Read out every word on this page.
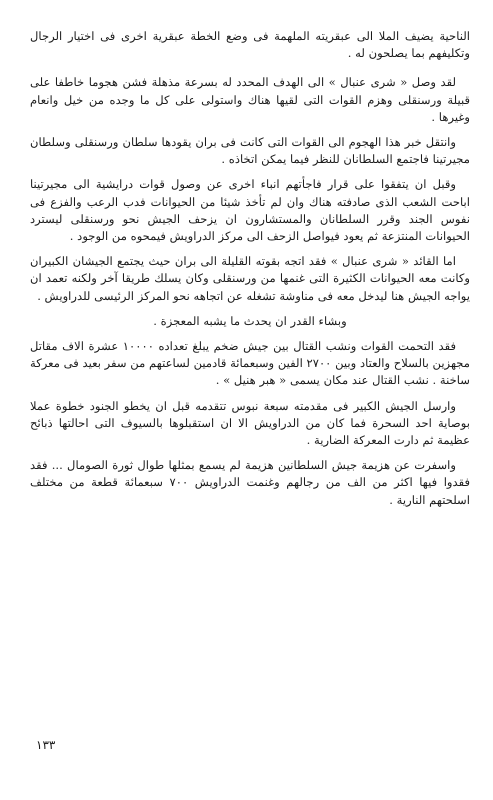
الناحية يضيف الملا الى عبقريته الملهمة فى وضع الخطة عبقرية اخرى فى اختيار الرجال وتكليفهم بما يصلحون له .

لقد وصل « شرى عنبال » الى الهدف المحدد له بسرعة مذهلة فشن هجوما خاطفا على قبيلة ورسنقلى وهزم القوات التى لقيها هناك واستولى على كل ما وجده من خيل وانعام وغيرها .

وانتقل خبر هذا الهجوم الى القوات التى كانت فى بران يقودها سلطان ورسنقلى وسلطان مجيرتينا فاجتمع السلطانان للنظر فيما يمكن اتخاذه .

وقبل ان يتفقوا على قرار فاجأتهم انباء اخرى عن وصول قوات درايشية الى مجيرتينا اباحت الشعب الذى صادفته هناك وان لم تأخذ شيئا من الحيوانات فدب الرعب والفزع فى نفوس الجند وقرر السلطانان والمستشارون ان يزحف الجيش نحو ورسنقلى ليسترد الحيوانات المنتزعة ثم يعود فيواصل الزحف الى مركز الدراويش فيمحوه من الوجود .

اما القائد « شرى عنبال » فقد اتجه بقوته القليلة الى بران حيث يجتمع الجيشان الكبيران وكانت معه الحيوانات الكثيرة التى غنمها من ورسنقلى وكان يسلك طريقا آخر ولكنه تعمد ان يواجه الجيش هنا ليدخل معه فى مناوشة تشغله عن اتجاهه نحو المركز الرئيسى للدراويش .

وبشاء القدر ان يحدث ما يشبه المعجزة .

فقد التحمت القوات ونشب القتال بين جيش ضخم يبلغ تعداده ١٠٠٠٠ عشرة الاف مقاتل مجهزين بالسلاح والعتاد وبين ٢٧٠٠ الفين وسبعمائة قادمين لساعتهم من سفر بعيد فى معركة ساخنة . نشب القتال عند مكان يسمى « هبر هنيل » .

وارسل الجيش الكبير فى مقدمته سبعة نبوس تتقدمه قبل ان يخطو الجنود خطوة عملا بوصاية احد السحرة فما كان من الدراويش الا ان استقبلوها بالسيوف التى احالتها ذبائح عظيمة ثم دارت المعركة الضارية .

واسفرت عن هزيمة جيش السلطانين هزيمة لم يسمع بمثلها طوال ثورة الصومال ... فقد فقدوا فيها اكثر من الف من رجالهم وغنمت الدراويش ٧٠٠ سبعمائة قطعة من مختلف اسلحتهم النارية .

١٣٣
